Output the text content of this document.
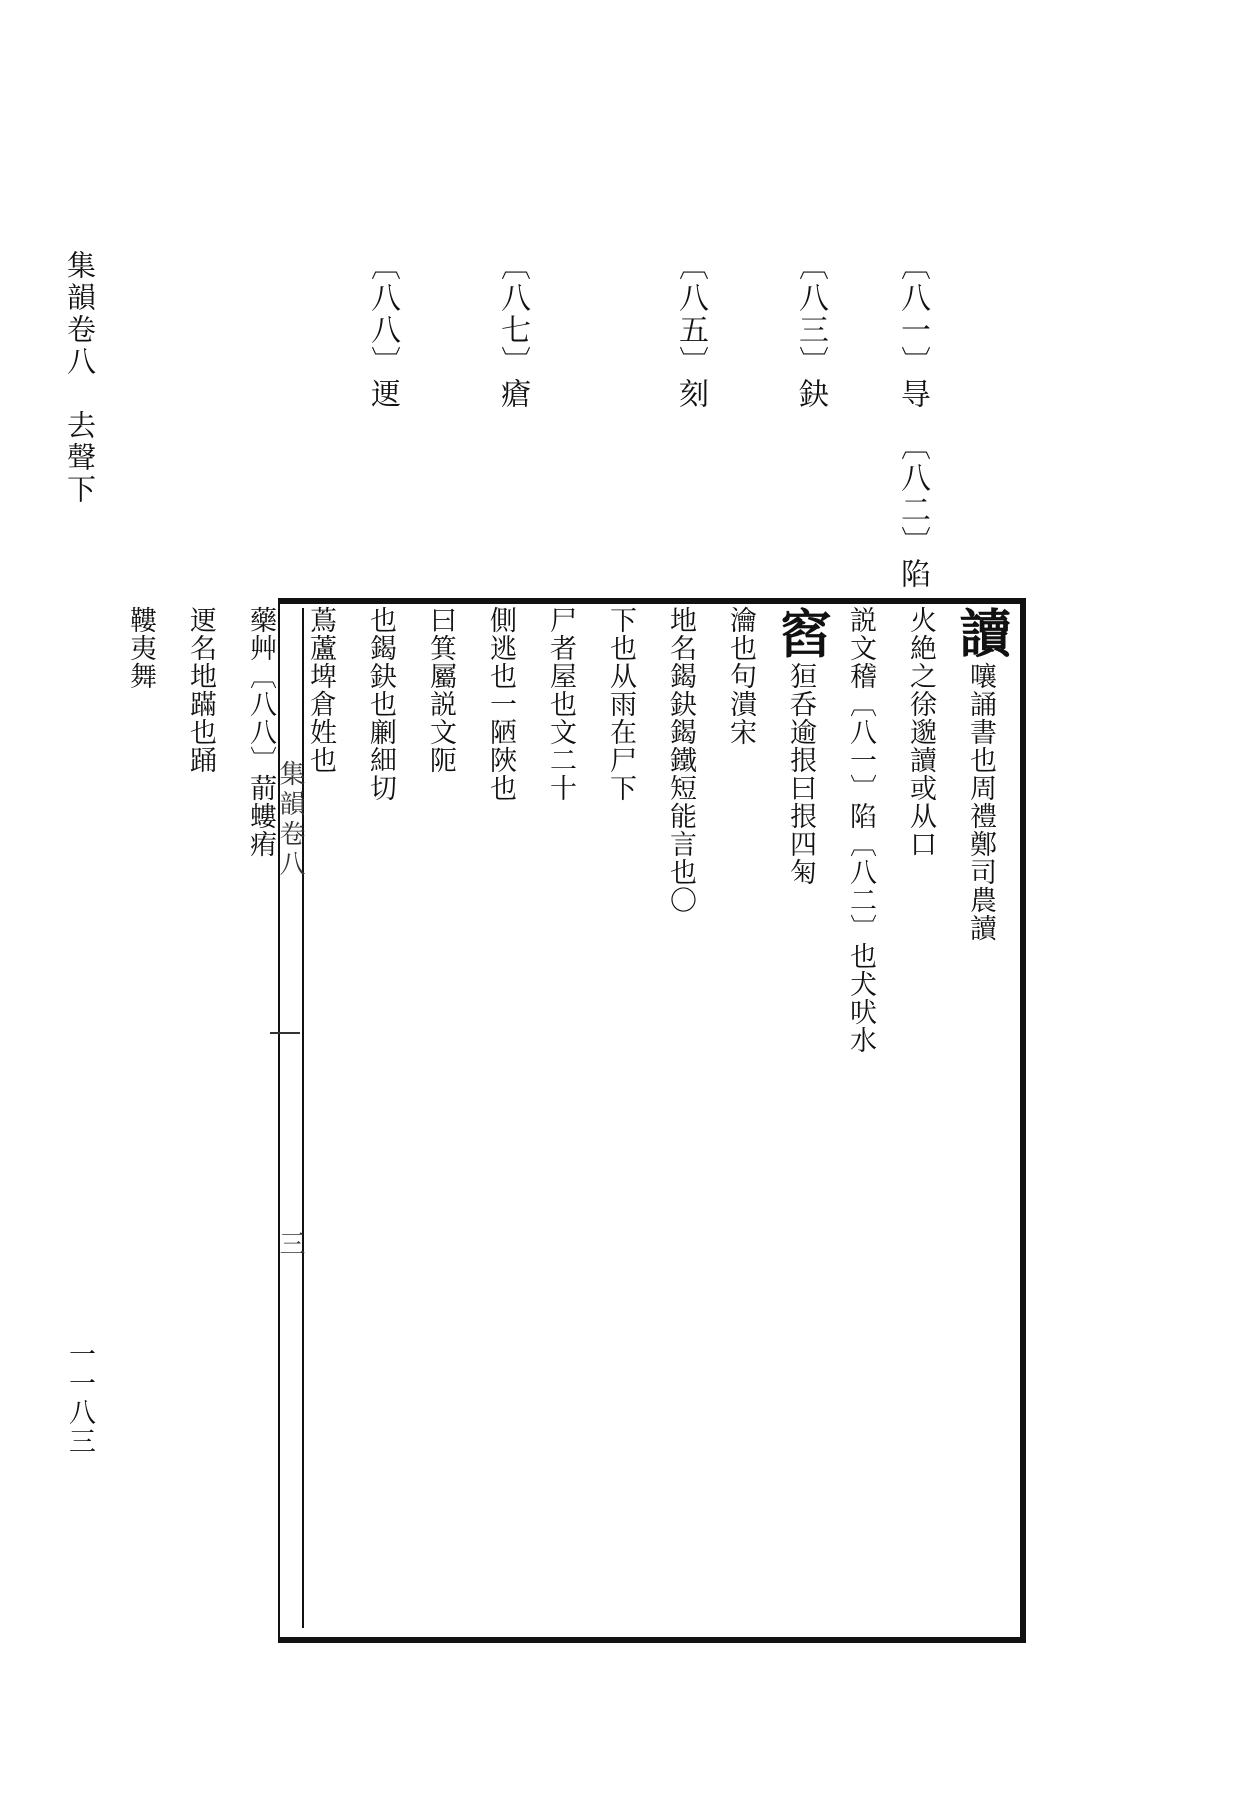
集韻卷八　去聲下
一一八三
〔八一〕㝵
〔八二〕陷
〔八三〕鈌
〔八五〕刻
〔八七〕瘡
〔八八〕䢚
集韻卷八
三
讀嚷誦書也周禮鄭司農讀
火絶之徐邈讀或从口
説文稽〔八一〕陷〔八二〕也犬吠水
窞狟呑逾拫曰拫四匊
瀹也句潰宋
地名鍻鈌鍻鐵短能言也〇
下也从雨在尸下
尸者屋也文二十
側逃也一陋陜也
曰箕屬説文阨
也鍻鈌也劆細切
蔦蘆埤倉姓也
藥艸〔八八〕葥螻痏
䢚名地蹣也踊
鞻夷舞
